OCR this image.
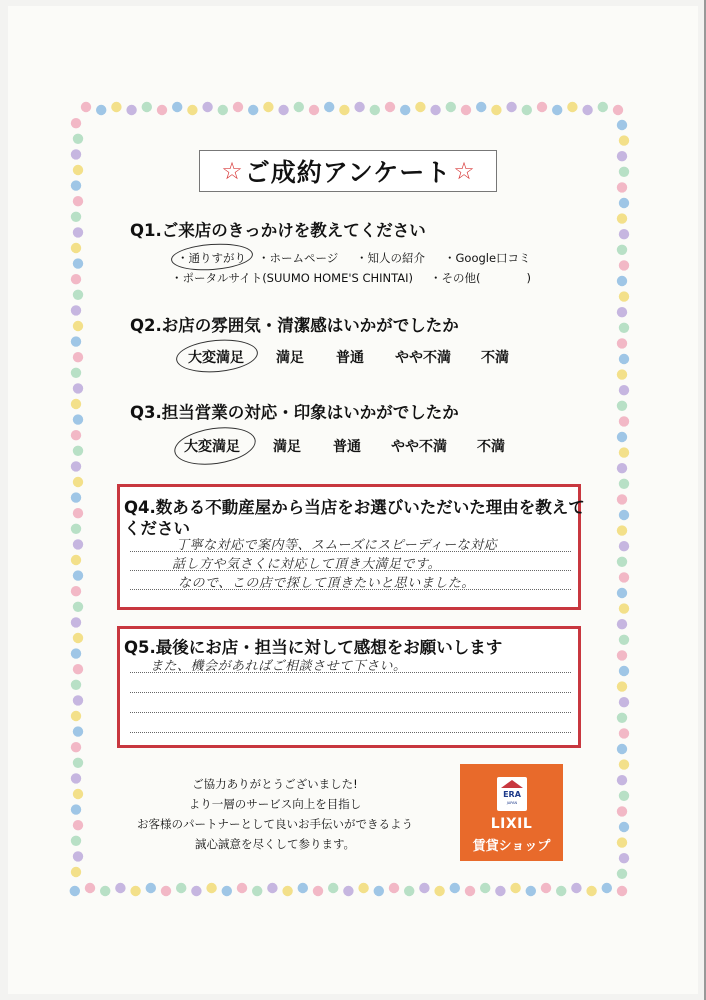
☆ ご成約アンケート ☆
Q1.ご来店のきっかけを教えてください
・通りすがり ・ホームページ ・知人の紹介 ・Google口コミ
・ポータルサイト(SUUMO HOME'S CHINTAI) ・その他(　　　　)
Q2.お店の雰囲気・清潔感はいかがでしたか
大変満足 満足 普通 やや不満 不満
Q3.担当営業の対応・印象はいかがでしたか
大変満足 満足 普通 やや不満 不満
Q4.数ある不動産屋から当店をお選びいただいた理由を教えて
ください
丁寧な対応で案内等、スムーズにスピーディーな対応
話し方や気さくに対応して頂き大満足です。
なので、この店で探して頂きたいと思いました。
Q5.最後にお店・担当に対して感想をお願いします
また、機会があればご相談させて下さい。
ご協力ありがとうございました!
より一層のサービス向上を目指し
お客様のパートナーとして良いお手伝いができるよう
誠心誠意を尽くして参ります。
ERA
JAPAN
LIXIL
賃貸ショップ
